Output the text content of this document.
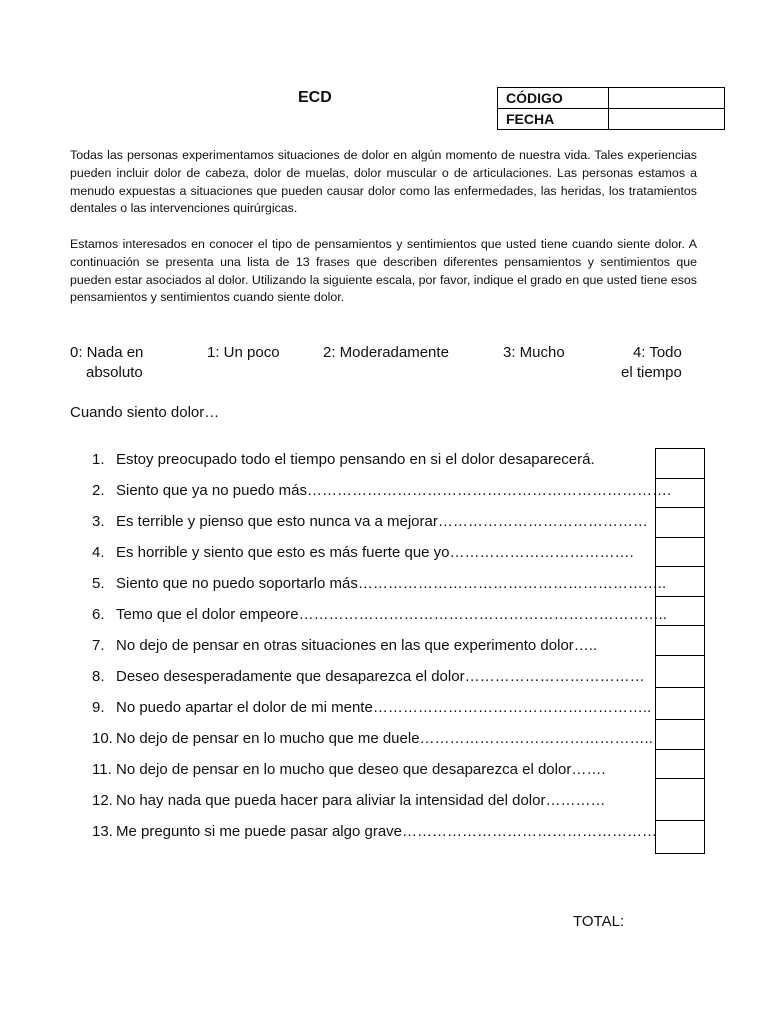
ECD	CÓDIGO	
FECHA	
Todas las personas experimentamos situaciones de dolor en algún momento de nuestra vida. Tales experiencias pueden incluir dolor de cabeza, dolor de muelas, dolor muscular o de articulaciones. Las personas estamos a menudo expuestas a situaciones que pueden causar dolor como las enfermedades, las heridas, los tratamientos dentales o las intervenciones quirúrgicas.
Estamos interesados en conocer el tipo de pensamientos y sentimientos que usted tiene cuando siente dolor. A continuación se presenta una lista de 13 frases que describen diferentes pensamientos y sentimientos que pueden estar asociados al dolor. Utilizando la siguiente escala, por favor, indique el grado en que usted tiene esos pensamientos y sentimientos cuando siente dolor.
0: Nada en
absoluto
1: Un poco	2: Moderadamente	3: Mucho	4: Todo
el tiempo
Cuando siento dolor…
1. Estoy preocupado todo el tiempo pensando en si el dolor desaparecerá.
2. Siento que ya no puedo más……………………………………………………………….
3. Es terrible y pienso que esto nunca va a mejorar……………………………………
4. Es horrible y siento que esto es más fuerte que yo……………………………….
5. Siento que no puedo soportarlo más……………………………………………………..
6. Temo que el dolor empeore………………………………………………………………..
7. No dejo de pensar en otras situaciones en las que experimento dolor…..
8. Deseo desesperadamente que desaparezca el dolor………………………………
9. No puedo apartar el dolor de mi mente………………………………………………..
10. No dejo de pensar en lo mucho que me duele………………………………………..
11. No dejo de pensar en lo mucho que deseo que desaparezca el dolor…….
12. No hay nada que pueda hacer para aliviar la intensidad del dolor…………
13. Me pregunto si me puede pasar algo grave……………………………………………
TOTAL:
